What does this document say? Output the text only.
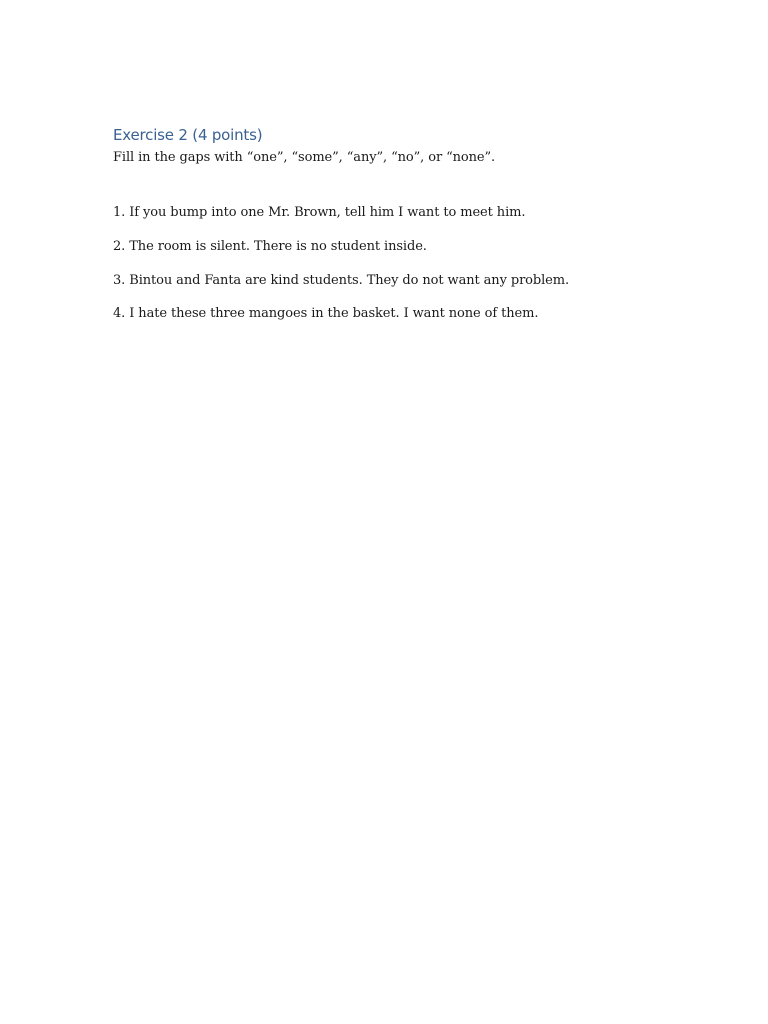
Exercise 2 (4 points)

Fill in the gaps with “one”, “some”, “any”, “no”, or “none”.

1. If you bump into one Mr. Brown, tell him I want to meet him.

2. The room is silent. There is no student inside.

3. Bintou and Fanta are kind students. They do not want any problem.

4. I hate these three mangoes in the basket. I want none of them.
